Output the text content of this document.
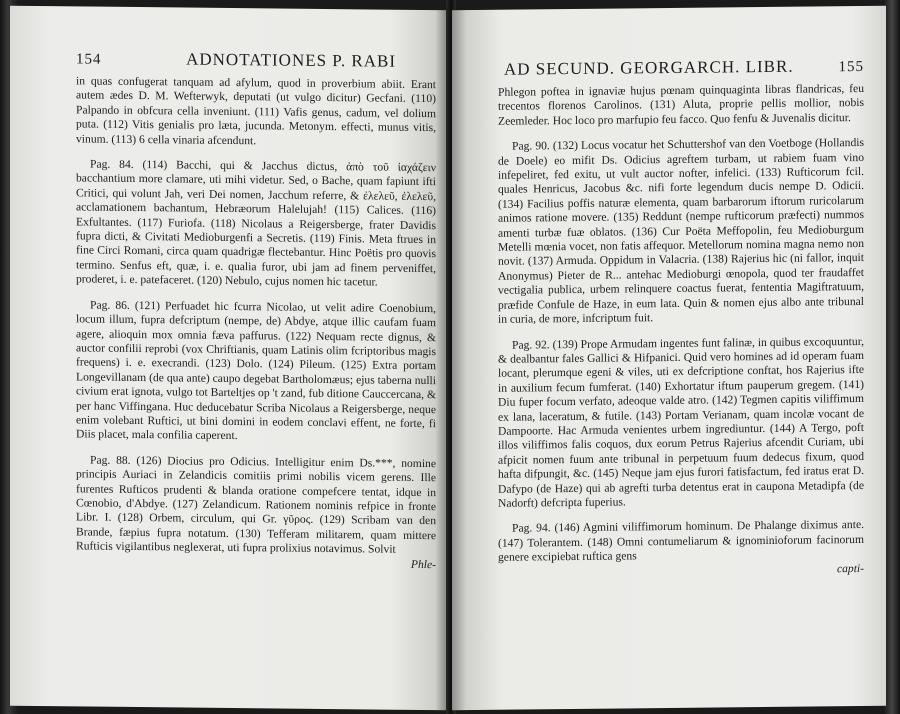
154	ADNOTATIONES P. RABI

in quas confugerat tanquam ad afylum, quod in proverbium abiit. Erant autem ædes D. M. Wefterwyk, deputati (ut vulgo dicitur) Gecfani. (110) Palpando in obfcura cella inveniunt. (111) Vafis genus, cadum, vel dolium puta. (112) Vitis genialis pro læta, jucunda. Metonym. effecti, munus vitis, vinum. (113) 6 cella vinaria afcendunt.

Pag. 84. (114) Bacchi, qui & Jacchus dictus, ἀπὸ τοῦ ἰαχάζειν bacchantium more clamare, uti mihi videtur. Sed, o Bache, quam fapiunt ifti Critici, qui volunt Jah, veri Dei nomen, Jacchum referre, & ἐλελεῦ, ἐλελεῦ, acclamationem bachantum, Hebræorum Halelujah! (115) Calices. (116) Exfultantes. (117) Furiofa. (118) Nicolaus a Reigersberge, frater Davidis fupra dicti, & Civitati Medioburgenfi a Secretis. (119) Finis. Meta ftrues in fine Circi Romani, circa quam quadrigæ flectebantur. Hinc Poëtis pro quovis termino. Senfus eft, quæ, i. e. qualia furor, ubi jam ad finem perveniffet, proderet, i. e. patefaceret. (120) Nebulo, cujus nomen hic tacetur.

Pag. 86. (121) Perfuadet hic fcurra Nicolao, ut velit adire Coenobium, locum illum, fupra defcriptum (nempe, de) Abdye, atque illic caufam fuam agere, alioquin mox omnia fæva paffurus. (122) Nequam recte dignus, & auctor confilii reprobi (vox Chriftianis, quam Latinis olim fcriptoribus magis frequens) i. e. execrandi. (123) Dolo. (124) Pileum. (125) Extra portam Longevillanam (de qua ante) caupo degebat Bartholomæus; ejus taberna nulli civium erat ignota, vulgo tot Barteltjes op 't zand, fub ditione Cauccercana, & per hanc Viffingana. Huc deducebatur Scriba Nicolaus a Reigersberge, neque enim volebant Ruftici, ut bini domini in eodem conclavi effent, ne forte, fi Diis placet, mala confilia caperent.

Pag. 88. (126) Diocius pro Odicius. Intelligitur enim Ds.***, nomine principis Auriaci in Zelandicis comitiis primi nobilis vicem gerens. Ille furentes Rufticos prudenti & blanda oratione compefcere tentat, idque in Cœnobio, d'Abdye. (127) Zelandicum. Rationem nominis refpice in fronte Libr. I. (128) Orbem, circulum, qui Gr. γῦρος. (129) Scribam van den Brande, fæpius fupra notatum. (130) Tefferam militarem, quam mittere Rufticis vigilantibus neglexerat, uti fupra prolixius notavimus. Solvit

Phle-
AD SECUND. GEORGARCH. LIBR.	155

Phlegon poftea in ignaviæ hujus pœnam quinquaginta libras flandricas, feu trecentos florenos Carolinos. (131) Aluta, proprie pellis mollior, nobis Zeemleder. Hoc loco pro marfupio feu facco. Quo fenfu & Juvenalis dicitur.

Pag. 90. (132) Locus vocatur het Schuttershof van den Voetboge (Hollandis de Doele) eo mifit Ds. Odicius agreftem turbam, ut rabiem fuam vino infepeliret, fed exitu, ut vult auctor nofter, infelici. (133) Rufticorum fcil. quales Henricus, Jacobus &c. nifi forte legendum ducis nempe D. Odicii. (134) Facilius poffis naturæ elementa, quam barbarorum iftorum ruricolarum animos ratione movere. (135) Reddunt (nempe rufticorum præfecti) nummos amenti turbæ fuæ oblatos. (136) Cur Poëta Meffopolin, feu Medioburgum Metelli mœnia vocet, non fatis affequor. Metellorum nomina magna nemo non novit. (137) Armuda. Oppidum in Valacria. (138) Rajerius hic (ni fallor, inquit Anonymus) Pieter de R... antehac Medioburgi œnopola, quod ter fraudaffet vectigalia publica, urbem relinquere coactus fuerat, fententia Magiftratuum, præfide Confule de Haze, in eum lata. Quin & nomen ejus albo ante tribunal in curia, de more, infcriptum fuit.

Pag. 92. (139) Prope Armudam ingentes funt falinæ, in quibus excoquuntur, & dealbantur fales Gallici & Hifpanici. Quid vero homines ad id operam fuam locant, plerumque egeni & viles, uti ex defcriptione conftat, hos Rajerius ifte in auxilium fecum fumferat. (140) Exhortatur iftum pauperum gregem. (141) Diu fuper focum verfato, adeoque valde atro. (142) Tegmen capitis viliffimum ex lana, laceratum, & futile. (143) Portam Verianam, quam incolæ vocant de Dampoorte. Hac Armuda venientes urbem ingrediuntur. (144) A Tergo, poft illos viliffimos falis coquos, dux eorum Petrus Rajerius afcendit Curiam, ubi afpicit nomen fuum ante tribunal in perpetuum fuum dedecus fixum, quod hafta difpungit, &c. (145) Neque jam ejus furori fatisfactum, fed iratus erat D. Dafypo (de Haze) qui ab agrefti turba detentus erat in caupona Metadipfa (de Nadorft) defcripta fuperius.

Pag. 94. (146) Agmini viliffimorum hominum. De Phalange diximus ante. (147) Tolerantem. (148) Omni contumeliarum & ignominioforum facinorum genere excipiebat ruftica gens

capti-
